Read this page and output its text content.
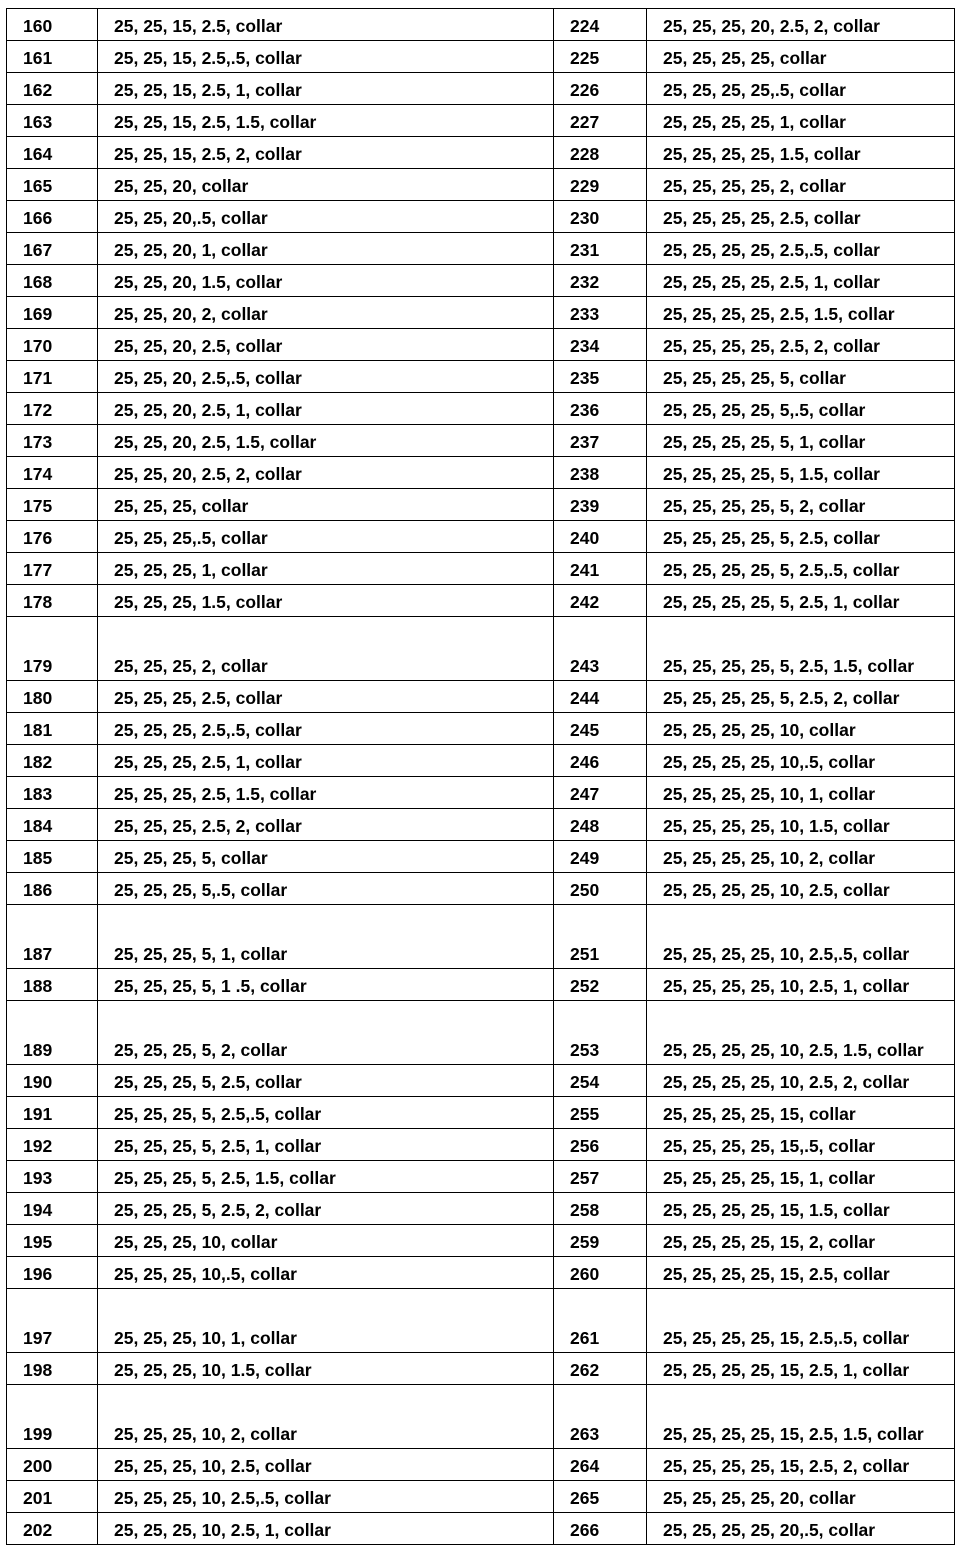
160	25, 25, 15, 2.5, collar	224	25, 25, 25, 20, 2.5, 2, collar
161	25, 25, 15, 2.5,.5, collar	225	25, 25, 25, 25, collar
162	25, 25, 15, 2.5, 1, collar	226	25, 25, 25, 25,.5, collar
163	25, 25, 15, 2.5, 1.5, collar	227	25, 25, 25, 25, 1, collar
164	25, 25, 15, 2.5, 2, collar	228	25, 25, 25, 25, 1.5, collar
165	25, 25, 20, collar	229	25, 25, 25, 25, 2, collar
166	25, 25, 20,.5, collar	230	25, 25, 25, 25, 2.5, collar
167	25, 25, 20, 1, collar	231	25, 25, 25, 25, 2.5,.5, collar
168	25, 25, 20, 1.5, collar	232	25, 25, 25, 25, 2.5, 1, collar
169	25, 25, 20, 2, collar	233	25, 25, 25, 25, 2.5, 1.5, collar
170	25, 25, 20, 2.5, collar	234	25, 25, 25, 25, 2.5, 2, collar
171	25, 25, 20, 2.5,.5, collar	235	25, 25, 25, 25, 5, collar
172	25, 25, 20, 2.5, 1, collar	236	25, 25, 25, 25, 5,.5, collar
173	25, 25, 20, 2.5, 1.5, collar	237	25, 25, 25, 25, 5, 1, collar
174	25, 25, 20, 2.5, 2, collar	238	25, 25, 25, 25, 5, 1.5, collar
175	25, 25, 25, collar	239	25, 25, 25, 25, 5, 2, collar
176	25, 25, 25,.5, collar	240	25, 25, 25, 25, 5, 2.5, collar
177	25, 25, 25, 1, collar	241	25, 25, 25, 25, 5, 2.5,.5, collar
178	25, 25, 25, 1.5, collar	242	25, 25, 25, 25, 5, 2.5, 1, collar
179	25, 25, 25, 2, collar	243	25, 25, 25, 25, 5, 2.5, 1.5, collar
180	25, 25, 25, 2.5, collar	244	25, 25, 25, 25, 5, 2.5, 2, collar
181	25, 25, 25, 2.5,.5, collar	245	25, 25, 25, 25, 10, collar
182	25, 25, 25, 2.5, 1, collar	246	25, 25, 25, 25, 10,.5, collar
183	25, 25, 25, 2.5, 1.5, collar	247	25, 25, 25, 25, 10, 1, collar
184	25, 25, 25, 2.5, 2, collar	248	25, 25, 25, 25, 10, 1.5, collar
185	25, 25, 25, 5, collar	249	25, 25, 25, 25, 10, 2, collar
186	25, 25, 25, 5,.5, collar	250	25, 25, 25, 25, 10, 2.5, collar
187	25, 25, 25, 5, 1, collar	251	25, 25, 25, 25, 10, 2.5,.5, collar
188	25, 25, 25, 5, 1 .5, collar	252	25, 25, 25, 25, 10, 2.5, 1, collar
189	25, 25, 25, 5, 2, collar	253	25, 25, 25, 25, 10, 2.5, 1.5, collar
190	25, 25, 25, 5, 2.5, collar	254	25, 25, 25, 25, 10, 2.5, 2, collar
191	25, 25, 25, 5, 2.5,.5, collar	255	25, 25, 25, 25, 15, collar
192	25, 25, 25, 5, 2.5, 1, collar	256	25, 25, 25, 25, 15,.5, collar
193	25, 25, 25, 5, 2.5, 1.5, collar	257	25, 25, 25, 25, 15, 1, collar
194	25, 25, 25, 5, 2.5, 2, collar	258	25, 25, 25, 25, 15, 1.5, collar
195	25, 25, 25, 10, collar	259	25, 25, 25, 25, 15, 2, collar
196	25, 25, 25, 10,.5, collar	260	25, 25, 25, 25, 15, 2.5, collar
197	25, 25, 25, 10, 1, collar	261	25, 25, 25, 25, 15, 2.5,.5, collar
198	25, 25, 25, 10, 1.5, collar	262	25, 25, 25, 25, 15, 2.5, 1, collar
199	25, 25, 25, 10, 2, collar	263	25, 25, 25, 25, 15, 2.5, 1.5, collar
200	25, 25, 25, 10, 2.5, collar	264	25, 25, 25, 25, 15, 2.5, 2, collar
201	25, 25, 25, 10, 2.5,.5, collar	265	25, 25, 25, 25, 20, collar
202	25, 25, 25, 10, 2.5, 1, collar	266	25, 25, 25, 25, 20,.5, collar
